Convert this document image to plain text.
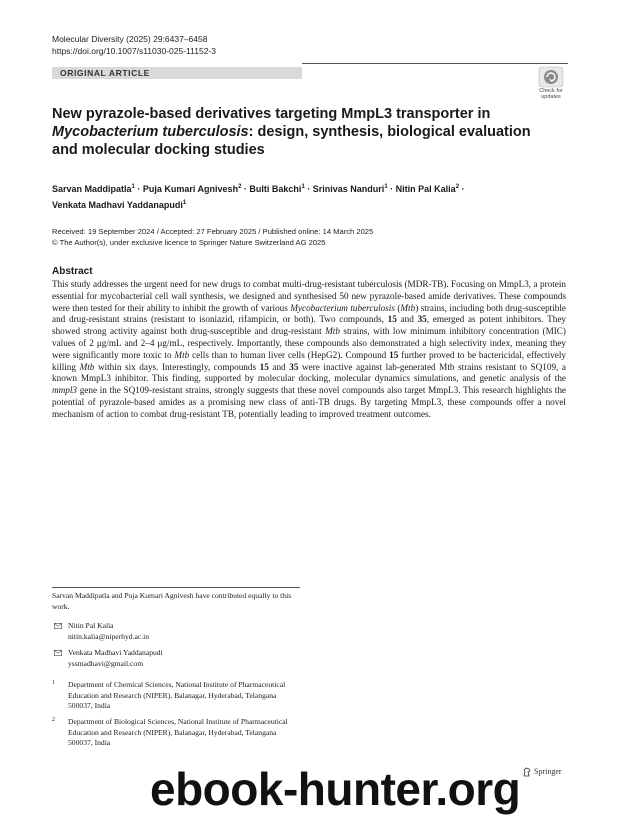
Molecular Diversity (2025) 29:6437–6458
https://doi.org/10.1007/s11030-025-11152-3
ORIGINAL ARTICLE
Check for
updates
New pyrazole-based derivatives targeting MmpL3 transporter in Mycobacterium tuberculosis: design, synthesis, biological evaluation and molecular docking studies
Sarvan Maddipatla$^1$ · Puja Kumari Agnivesh$^2$ · Bulti Bakchi$^1$ · Srinivas Nanduri$^1$ · Nitin Pal Kalia$^2$ ·
Venkata Madhavi Yaddanapudi$^1$
Received: 19 September 2024 / Accepted: 27 February 2025 / Published online: 14 March 2025
© The Author(s), under exclusive licence to Springer Nature Switzerland AG 2025
Abstract
This study addresses the urgent need for new drugs to combat multi-drug-resistant tuberculosis (MDR-TB). Focusing on MmpL3, a protein essential for mycobacterial cell wall synthesis, we designed and synthesised 50 new pyrazole-based amide derivatives. These compounds were then tested for their ability to inhibit the growth of various Mycobacterium tuberculosis (Mtb) strains, including both drug-susceptible and drug-resistant strains (resistant to isoniazid, rifampicin, or both). Two compounds, 15 and 35, emerged as potent inhibitors. They showed strong activity against both drug-susceptible and drug-resistant Mtb strains, with low minimum inhibitory concentration (MIC) values of 2 μg/mL and 2–4 μg/mL, respectively. Importantly, these compounds also demonstrated a high selectivity index, meaning they were significantly more toxic to Mtb cells than to human liver cells (HepG2). Compound 15 further proved to be bactericidal, effectively killing Mtb within six days. Interestingly, compounds 15 and 35 were inactive against lab-generated Mtb strains resistant to SQ109, a known MmpL3 inhibitor. This finding, supported by molecular docking, molecular dynamics simulations, and genetic analysis of the mmpl3 gene in the SQ109-resistant strains, strongly suggests that these novel compounds also target MmpL3. This research highlights the potential of pyrazole-based amides as a promising new class of anti-TB drugs. By targeting MmpL3, these compounds offer a novel mechanism of action to combat drug-resistant TB, potentially leading to improved treatment outcomes.
Sarvan Maddipatla and Puja Kumari Agnivesh have contributed equally to this work.
Nitin Pal Kalia
nitin.kalia@niperhyd.ac.in
Venkata Madhavi Yaddanapudi
yssmadhavi@gmail.com
1 Department of Chemical Sciences, National Institute of Pharmaceutical Education and Research (NIPER), Balanagar, Hyderabad, Telangana 500037, India
2 Department of Biological Sciences, National Institute of Pharmaceutical Education and Research (NIPER), Balanagar, Hyderabad, Telangana 500037, India
ebook-hunter.org	Springer
